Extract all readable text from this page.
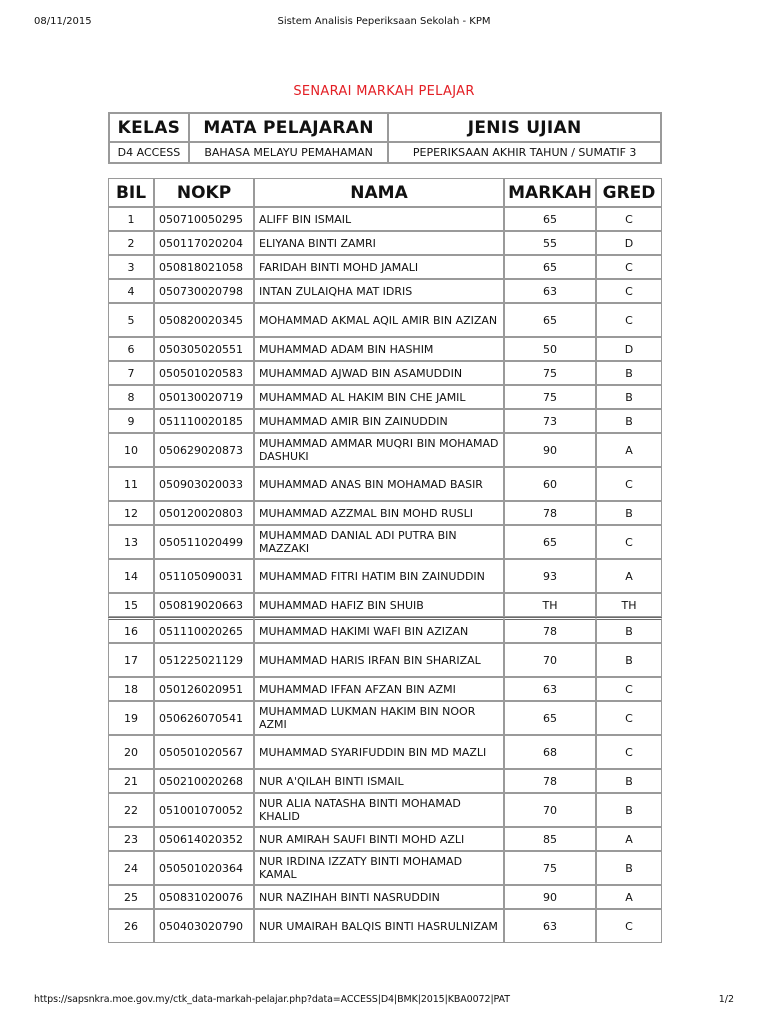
08/11/2015	Sistem Analisis Peperiksaan Sekolah - KPM
SENARAI MARKAH PELAJAR
KELAS	MATA PELAJARAN	JENIS UJIAN
D4 ACCESS	BAHASA MELAYU PEMAHAMAN	PEPERIKSAAN AKHIR TAHUN / SUMATIF 3
BIL	NOKP	NAMA	MARKAH	GRED
1	050710050295	ALIFF BIN ISMAIL	65	C
2	050117020204	ELIYANA BINTI ZAMRI	55	D
3	050818021058	FARIDAH BINTI MOHD JAMALI	65	C
4	050730020798	INTAN ZULAIQHA MAT IDRIS	63	C
5	050820020345	MOHAMMAD AKMAL AQIL AMIR BIN AZIZAN	65	C
6	050305020551	MUHAMMAD ADAM BIN HASHIM	50	D
7	050501020583	MUHAMMAD AJWAD BIN ASAMUDDIN	75	B
8	050130020719	MUHAMMAD AL HAKIM BIN CHE JAMIL	75	B
9	051110020185	MUHAMMAD AMIR BIN ZAINUDDIN	73	B
10	050629020873	MUHAMMAD AMMAR MUQRI BIN MOHAMAD DASHUKI	90	A
11	050903020033	MUHAMMAD ANAS BIN MOHAMAD BASIR	60	C
12	050120020803	MUHAMMAD AZZMAL BIN MOHD RUSLI	78	B
13	050511020499	MUHAMMAD DANIAL ADI PUTRA BIN MAZZAKI	65	C
14	051105090031	MUHAMMAD FITRI HATIM BIN ZAINUDDIN	93	A
15	050819020663	MUHAMMAD HAFIZ BIN SHUIB	TH	TH
16	051110020265	MUHAMMAD HAKIMI WAFI BIN AZIZAN	78	B
17	051225021129	MUHAMMAD HARIS IRFAN BIN SHARIZAL	70	B
18	050126020951	MUHAMMAD IFFAN AFZAN BIN AZMI	63	C
19	050626070541	MUHAMMAD LUKMAN HAKIM BIN NOOR AZMI	65	C
20	050501020567	MUHAMMAD SYARIFUDDIN BIN MD MAZLI	68	C
21	050210020268	NUR A'QILAH BINTI ISMAIL	78	B
22	051001070052	NUR ALIA NATASHA BINTI MOHAMAD KHALID	70	B
23	050614020352	NUR AMIRAH SAUFI BINTI MOHD AZLI	85	A
24	050501020364	NUR IRDINA IZZATY BINTI MOHAMAD KAMAL	75	B
25	050831020076	NUR NAZIHAH BINTI NASRUDDIN	90	A
26	050403020790	NUR UMAIRAH BALQIS BINTI HASRULNIZAM	63	C
https://sapsnkra.moe.gov.my/ctk_data-markah-pelajar.php?data=ACCESS|D4|BMK|2015|KBA0072|PAT	1/2
